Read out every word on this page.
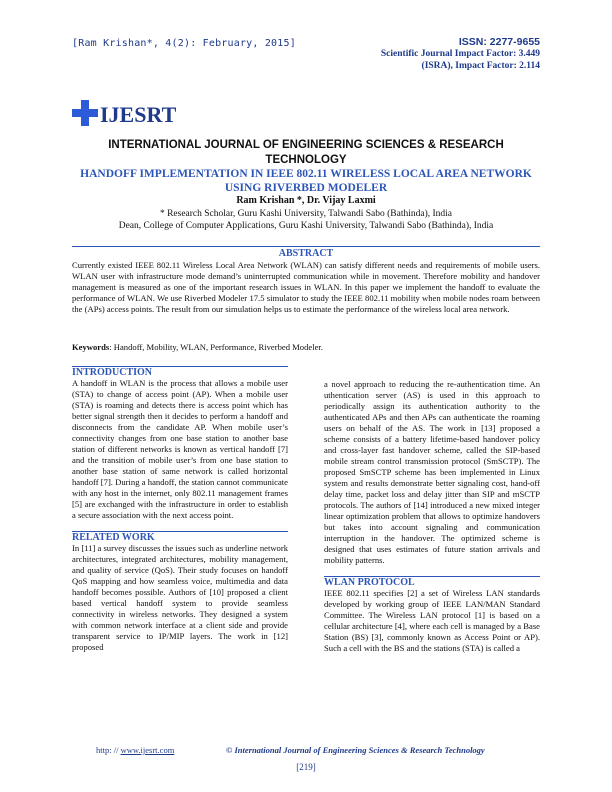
[Ram Krishan*, 4(2): February, 2015]	ISSN: 2277-9655
Scientific Journal Impact Factor: 3.449
(ISRA), Impact Factor: 2.114
IJESRT
INTERNATIONAL JOURNAL OF ENGINEERING SCIENCES & RESEARCH TECHNOLOGY
HANDOFF IMPLEMENTATION IN IEEE 802.11 WIRELESS LOCAL AREA NETWORK USING RIVERBED MODELER
Ram Krishan *, Dr. Vijay Laxmi
* Research Scholar, Guru Kashi University, Talwandi Sabo (Bathinda), India
Dean, College of Computer Applications, Guru Kashi University, Talwandi Sabo (Bathinda), India
ABSTRACT
Currently existed IEEE 802.11 Wireless Local Area Network (WLAN) can satisfy different needs and requirements of mobile users. WLAN user with infrastructure mode demand’s uninterrupted communication while in movement. Therefore mobility and handover management is measured as one of the important research issues in WLAN. In this paper we implement the handoff to evaluate the performance of WLAN. We use Riverbed Modeler 17.5 simulator to study the IEEE 802.11 mobility when mobile nodes roam between the (APs) access points. The result from our simulation helps us to estimate the performance of the wireless local area network.
Keywords: Handoff, Mobility, WLAN, Performance, Riverbed Modeler.
INTRODUCTION
A handoff in WLAN is the process that allows a mobile user (STA) to change of access point (AP). When a mobile user (STA) is roaming and detects there is access point which has better signal strength then it decides to perform a handoff and disconnects from the candidate AP. When mobile user’s connectivity changes from one base station to another base station of different networks is known as vertical handoff [7] and the transition of mobile user’s from one base station to another base station of same network is called horizontal handoff [7]. During a handoff, the station cannot communicate with any host in the internet, only 802.11 management frames [5] are exchanged with the infrastructure in order to establish a secure association with the next access point.
RELATED WORK
In [11] a survey discusses the issues such as underline network architectures, integrated architectures, mobility management, and quality of service (QoS). Their study focuses on handoff QoS mapping and how seamless voice, multimedia and data handoff becomes possible. Authors of [10] proposed a client based vertical handoff system to provide seamless connectivity in wireless networks. They designed a system with common network interface at a client side and provide transparent service to IP/MIP layers. The work in [12] proposed
a novel approach to reducing the re-authentication time. An uthentication server (AS) is used in this approach to periodically assign its authentication authority to the authenticated APs and then APs can authenticate the roaming users on behalf of the AS. The work in [13] proposed a scheme consists of a battery lifetime-based handover policy and cross-layer fast handover scheme, called the SIP-based mobile stream control transmission protocol (SmSCTP). The proposed SmSCTP scheme has been implemented in Linux system and results demonstrate better signaling cost, hand-off delay time, packet loss and delay jitter than SIP and mSCTP protocols. The authors of [14] introduced a new mixed integer linear optimization problem that allows to optimize handovers but takes into account signaling and communication interruption in the handover. The optimized scheme is designed that uses estimates of future station arrivals and mobility patterns.
WLAN PROTOCOL
IEEE 802.11 specifies [2] a set of Wireless LAN standards developed by working group of IEEE LAN/MAN Standard Committee. The Wireless LAN protocol [1] is based on a cellular architecture [4], where each cell is managed by a Base Station (BS) [3], commonly known as Access Point or AP). Such a cell with the BS and the stations (STA) is called a
http: // www.ijesrt.com	© International Journal of Engineering Sciences & Research Technology
[219]
